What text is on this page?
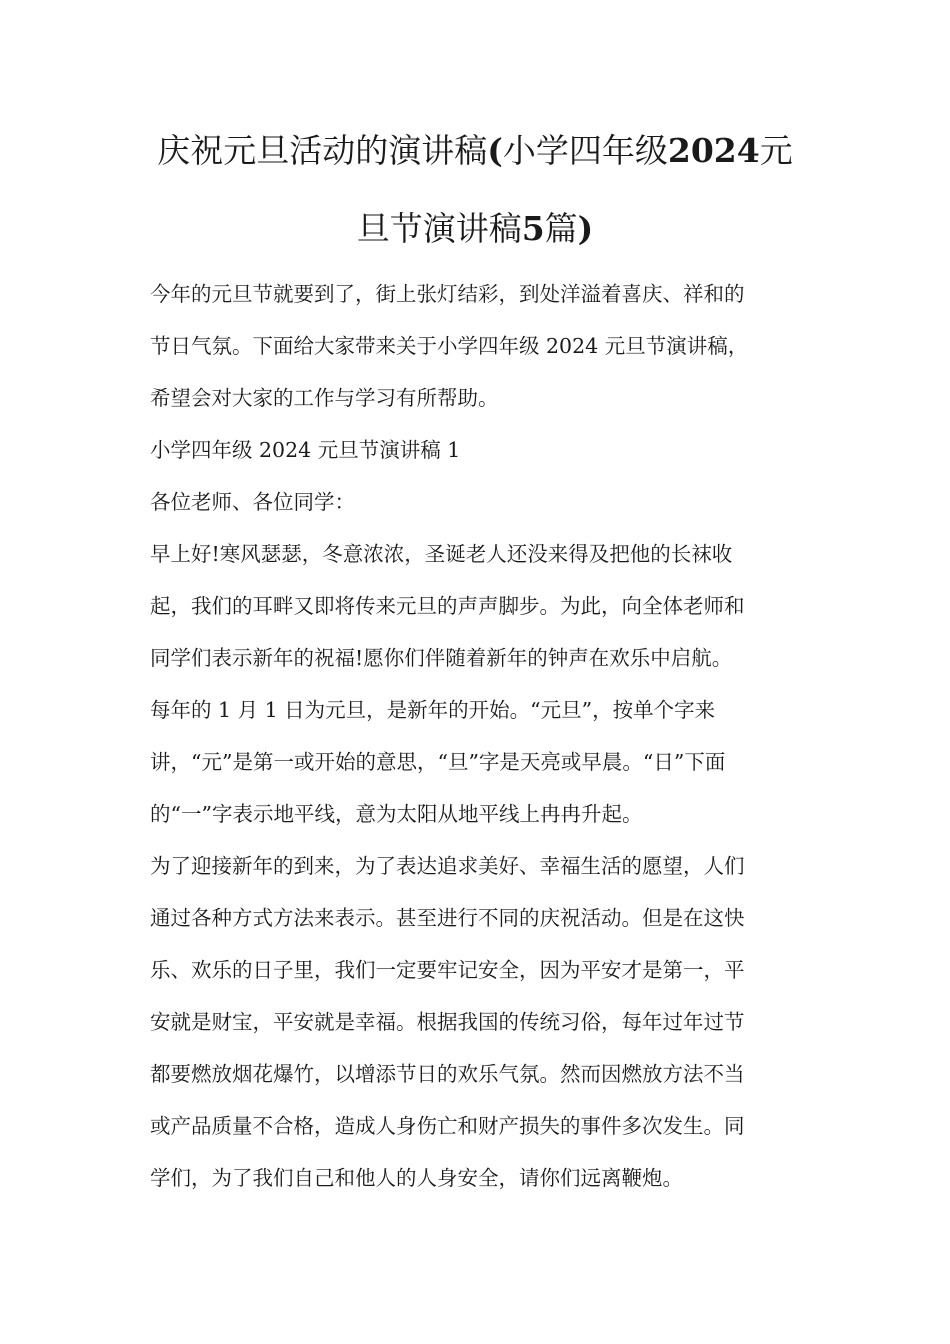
庆祝元旦活动的演讲稿(小学四年级2024元
旦节演讲稿5篇)

今年的元旦节就要到了，街上张灯结彩，到处洋溢着喜庆、祥和的
节日气氛。下面给大家带来关于小学四年级 2024 元旦节演讲稿，
希望会对大家的工作与学习有所帮助。

小学四年级 2024 元旦节演讲稿 1

各位老师、各位同学：

早上好!寒风瑟瑟，冬意浓浓，圣诞老人还没来得及把他的长袜收
起，我们的耳畔又即将传来元旦的声声脚步。为此，向全体老师和
同学们表示新年的祝福!愿你们伴随着新年的钟声在欢乐中启航。

每年的 1 月 1 日为元旦，是新年的开始。“元旦”，按单个字来
讲，“元”是第一或开始的意思，“旦”字是天亮或早晨。“日”下面
的“一”字表示地平线，意为太阳从地平线上冉冉升起。

为了迎接新年的到来，为了表达追求美好、幸福生活的愿望，人们
通过各种方式方法来表示。甚至进行不同的庆祝活动。但是在这快
乐、欢乐的日子里，我们一定要牢记安全，因为平安才是第一，平
安就是财宝，平安就是幸福。根据我国的传统习俗，每年过年过节
都要燃放烟花爆竹，以增添节日的欢乐气氛。然而因燃放方法不当
或产品质量不合格，造成人身伤亡和财产损失的事件多次发生。同
学们，为了我们自己和他人的人身安全，请你们远离鞭炮。
